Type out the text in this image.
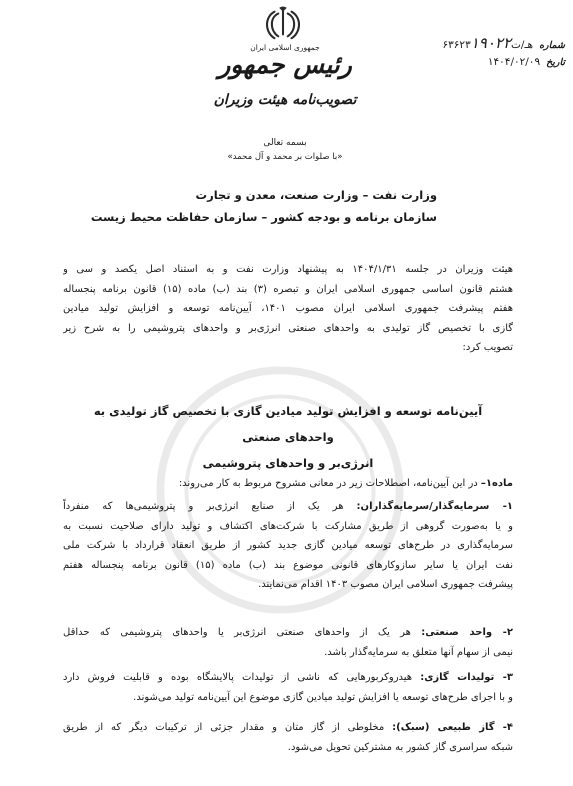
جمهوری اسلامی ایران
رئیس جمهور
تصویب‌نامه هیئت وزیران
شماره
۶۳۶۲۳هـ/ت۱۹۰۲۲
تاریخ
۱۴۰۴/۰۲/۰۹
بسمه تعالی
«با صلوات بر محمد و آل محمد»
وزارت نفت – وزارت صنعت، معدن و تجارت
سازمان برنامه و بودجه کشور – سازمان حفاظت محیط زیست
هیئت وزیران در جلسه ۱۴۰۴/۱/۳۱ به پیشنهاد وزارت نفت و به استناد اصل یکصد و سی و
هشتم قانون اساسی جمهوری اسلامی ایران و تبصره (۳) بند (ب) ماده (۱۵) قانون برنامه پنجساله
هفتم پیشرفت جمهوری اسلامی ایران مصوب ۱۴۰۱، آیین‌نامه توسعه و افزایش تولید میادین
گازی با تخصیص گاز تولیدی به واحدهای صنعتی انرژی‌بر و واحدهای پتروشیمی را به شرح زیر
تصویب کرد:
آیین‌نامه توسعه و افزایش تولید میادین گازی با تخصیص گاز تولیدی به واحدهای صنعتی
انرژی‌بر و واحدهای پتروشیمی
ماده۱– در این آیین‌نامه، اصطلاحات زیر در معانی مشروح مربوط به کار می‌روند:
۱- سرمایه‌گذار/سرمایه‌گذاران: هر یک از صنایع انرژی‌بر و پتروشیمی‌ها که منفرداً
و یا به‌صورت گروهی از طریق مشارکت با شرکت‌های اکتشاف و تولید دارای صلاحیت نسبت به
سرمایه‌گذاری در طرح‌های توسعه میادین گازی جدید کشور از طریق انعقاد قرارداد با شرکت ملی
نفت ایران یا سایر سازوکارهای قانونی موضوع بند (ب) ماده (۱۵) قانون برنامه پنجساله هفتم
پیشرفت جمهوری اسلامی ایران مصوب ۱۴۰۳ اقدام می‌نمایند.
۲- واحد صنعتی: هر یک از واحدهای صنعتی انرژی‌بر یا واحدهای پتروشیمی که حداقل
نیمی از سهام آنها متعلق به سرمایه‌گذار باشد.
۳- تولیدات گازی: هیدروکربورهایی که ناشی از تولیدات پالایشگاه بوده و قابلیت فروش دارد
و با اجرای طرح‌های توسعه یا افزایش تولید میادین گازی موضوع این آیین‌نامه تولید می‌شوند.
۴- گاز طبیعی (سبک): مخلوطی از گاز متان و مقدار جزئی از ترکیبات دیگر که از طریق
شبکه سراسری گاز کشور به مشترکین تحویل می‌شود.
